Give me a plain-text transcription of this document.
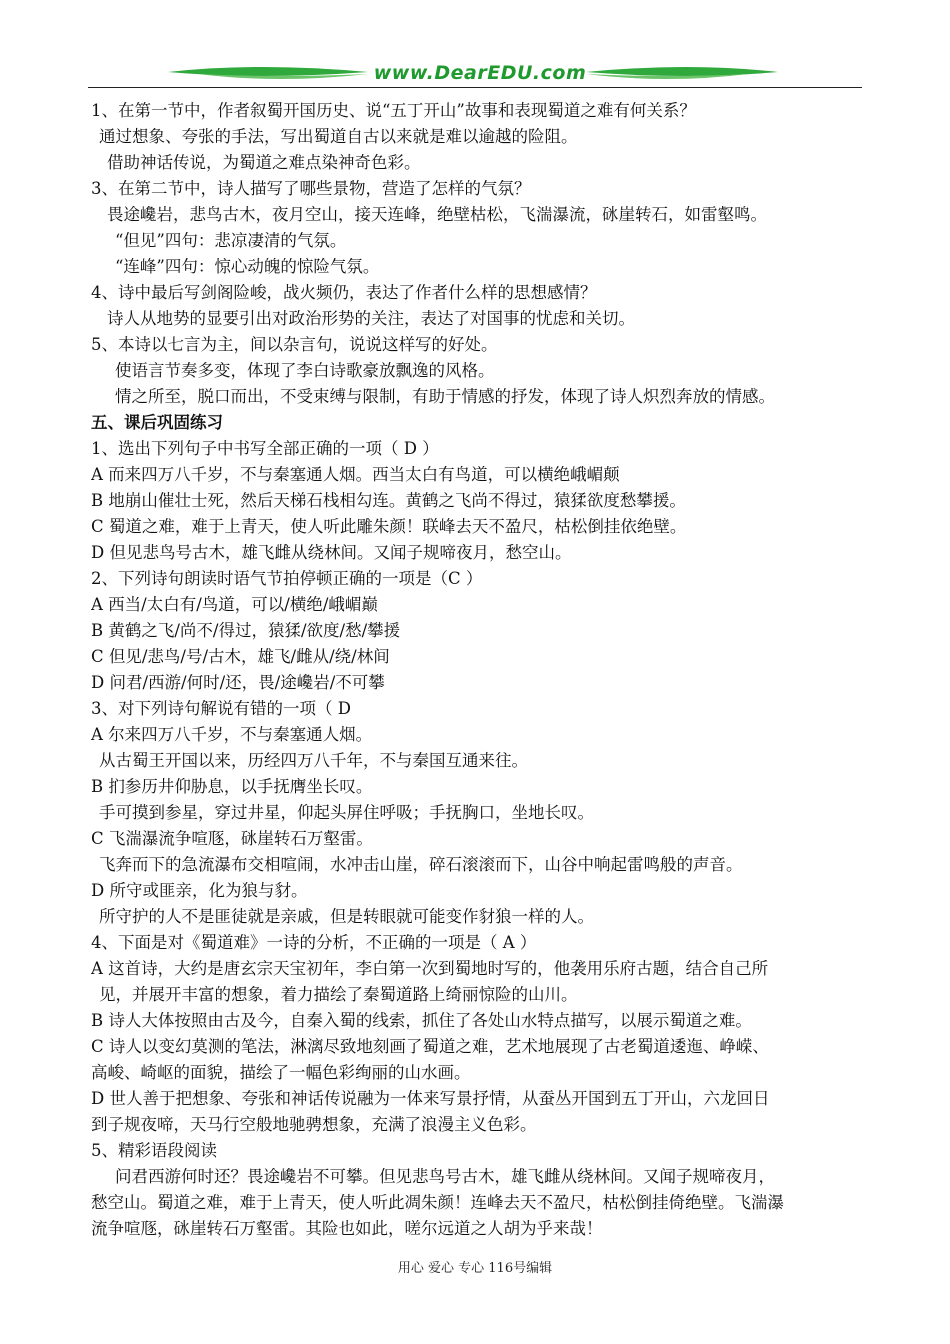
www.DearEDU.com
1、在第一节中，作者叙蜀开国历史、说“五丁开山”故事和表现蜀道之难有何关系？
通过想象、夸张的手法，写出蜀道自古以来就是难以逾越的险阻。
借助神话传说，为蜀道之难点染神奇色彩。
3、在第二节中，诗人描写了哪些景物，营造了怎样的气氛？
畏途巉岩，悲鸟古木，夜月空山，接天连峰，绝壁枯松，飞湍瀑流，砯崖转石，如雷壑鸣。
“但见”四句：悲凉凄清的气氛。
“连峰”四句：惊心动魄的惊险气氛。
4、诗中最后写剑阁险峻，战火频仍，表达了作者什么样的思想感情？
诗人从地势的显要引出对政治形势的关注，表达了对国事的忧虑和关切。
5、本诗以七言为主，间以杂言句，说说这样写的好处。
使语言节奏多变，体现了李白诗歌豪放飘逸的风格。
情之所至，脱口而出，不受束缚与限制，有助于情感的抒发，体现了诗人炽烈奔放的情感。
五、课后巩固练习
1、选出下列句子中书写全部正确的一项（ D ）
A 而来四万八千岁，不与秦塞通人烟。西当太白有鸟道，可以横绝峨嵋颠
B 地崩山催壮士死，然后天梯石栈相勾连。黄鹤之飞尚不得过，猿猱欲度愁攀援。
C 蜀道之难，难于上青天，使人听此雕朱颜！联峰去天不盈尺，枯松倒挂依绝壁。
D 但见悲鸟号古木，雄飞雌从绕林间。又闻子规啼夜月，愁空山。
2、下列诗句朗读时语气节拍停顿正确的一项是（C ）
A 西当/太白有/鸟道，可以/横绝/峨嵋巅
B 黄鹤之飞/尚不/得过，猿猱/欲度/愁/攀援
C 但见/悲鸟/号/古木，雄飞/雌从/绕/林间
D 问君/西游/何时/还，畏/途巉岩/不可攀
3、对下列诗句解说有错的一项（ D
A 尔来四万八千岁，不与秦塞通人烟。
从古蜀王开国以来，历经四万八千年，不与秦国互通来往。
B 扪参历井仰胁息，以手抚膺坐长叹。
手可摸到参星，穿过井星，仰起头屏住呼吸；手抚胸口，坐地长叹。
C 飞湍瀑流争喧豗，砯崖转石万壑雷。
飞奔而下的急流瀑布交相喧闹，水冲击山崖，碎石滚滚而下，山谷中响起雷鸣般的声音。
D 所守或匪亲，化为狼与豺。
所守护的人不是匪徒就是亲戚，但是转眼就可能变作豺狼一样的人。
4、下面是对《蜀道难》一诗的分析，不正确的一项是（ A ）
A 这首诗，大约是唐玄宗天宝初年，李白第一次到蜀地时写的，他袭用乐府古题，结合自己所
见，并展开丰富的想象，着力描绘了秦蜀道路上绮丽惊险的山川。
B 诗人大体按照由古及今，自秦入蜀的线索，抓住了各处山水特点描写，以展示蜀道之难。
C 诗人以变幻莫测的笔法，淋漓尽致地刻画了蜀道之难，艺术地展现了古老蜀道逶迤、峥嵘、
高峻、崎岖的面貌，描绘了一幅色彩绚丽的山水画。
D 世人善于把想象、夸张和神话传说融为一体来写景抒情，从蚕丛开国到五丁开山，六龙回日
到子规夜啼，天马行空般地驰骋想象，充满了浪漫主义色彩。
5、精彩语段阅读
问君西游何时还？畏途巉岩不可攀。但见悲鸟号古木，雄飞雌从绕林间。又闻子规啼夜月，
愁空山。蜀道之难，难于上青天，使人听此凋朱颜！连峰去天不盈尺，枯松倒挂倚绝壁。飞湍瀑
流争喧豗，砯崖转石万壑雷。其险也如此，嗟尔远道之人胡为乎来哉！
用心 爱心 专心 116号编辑
